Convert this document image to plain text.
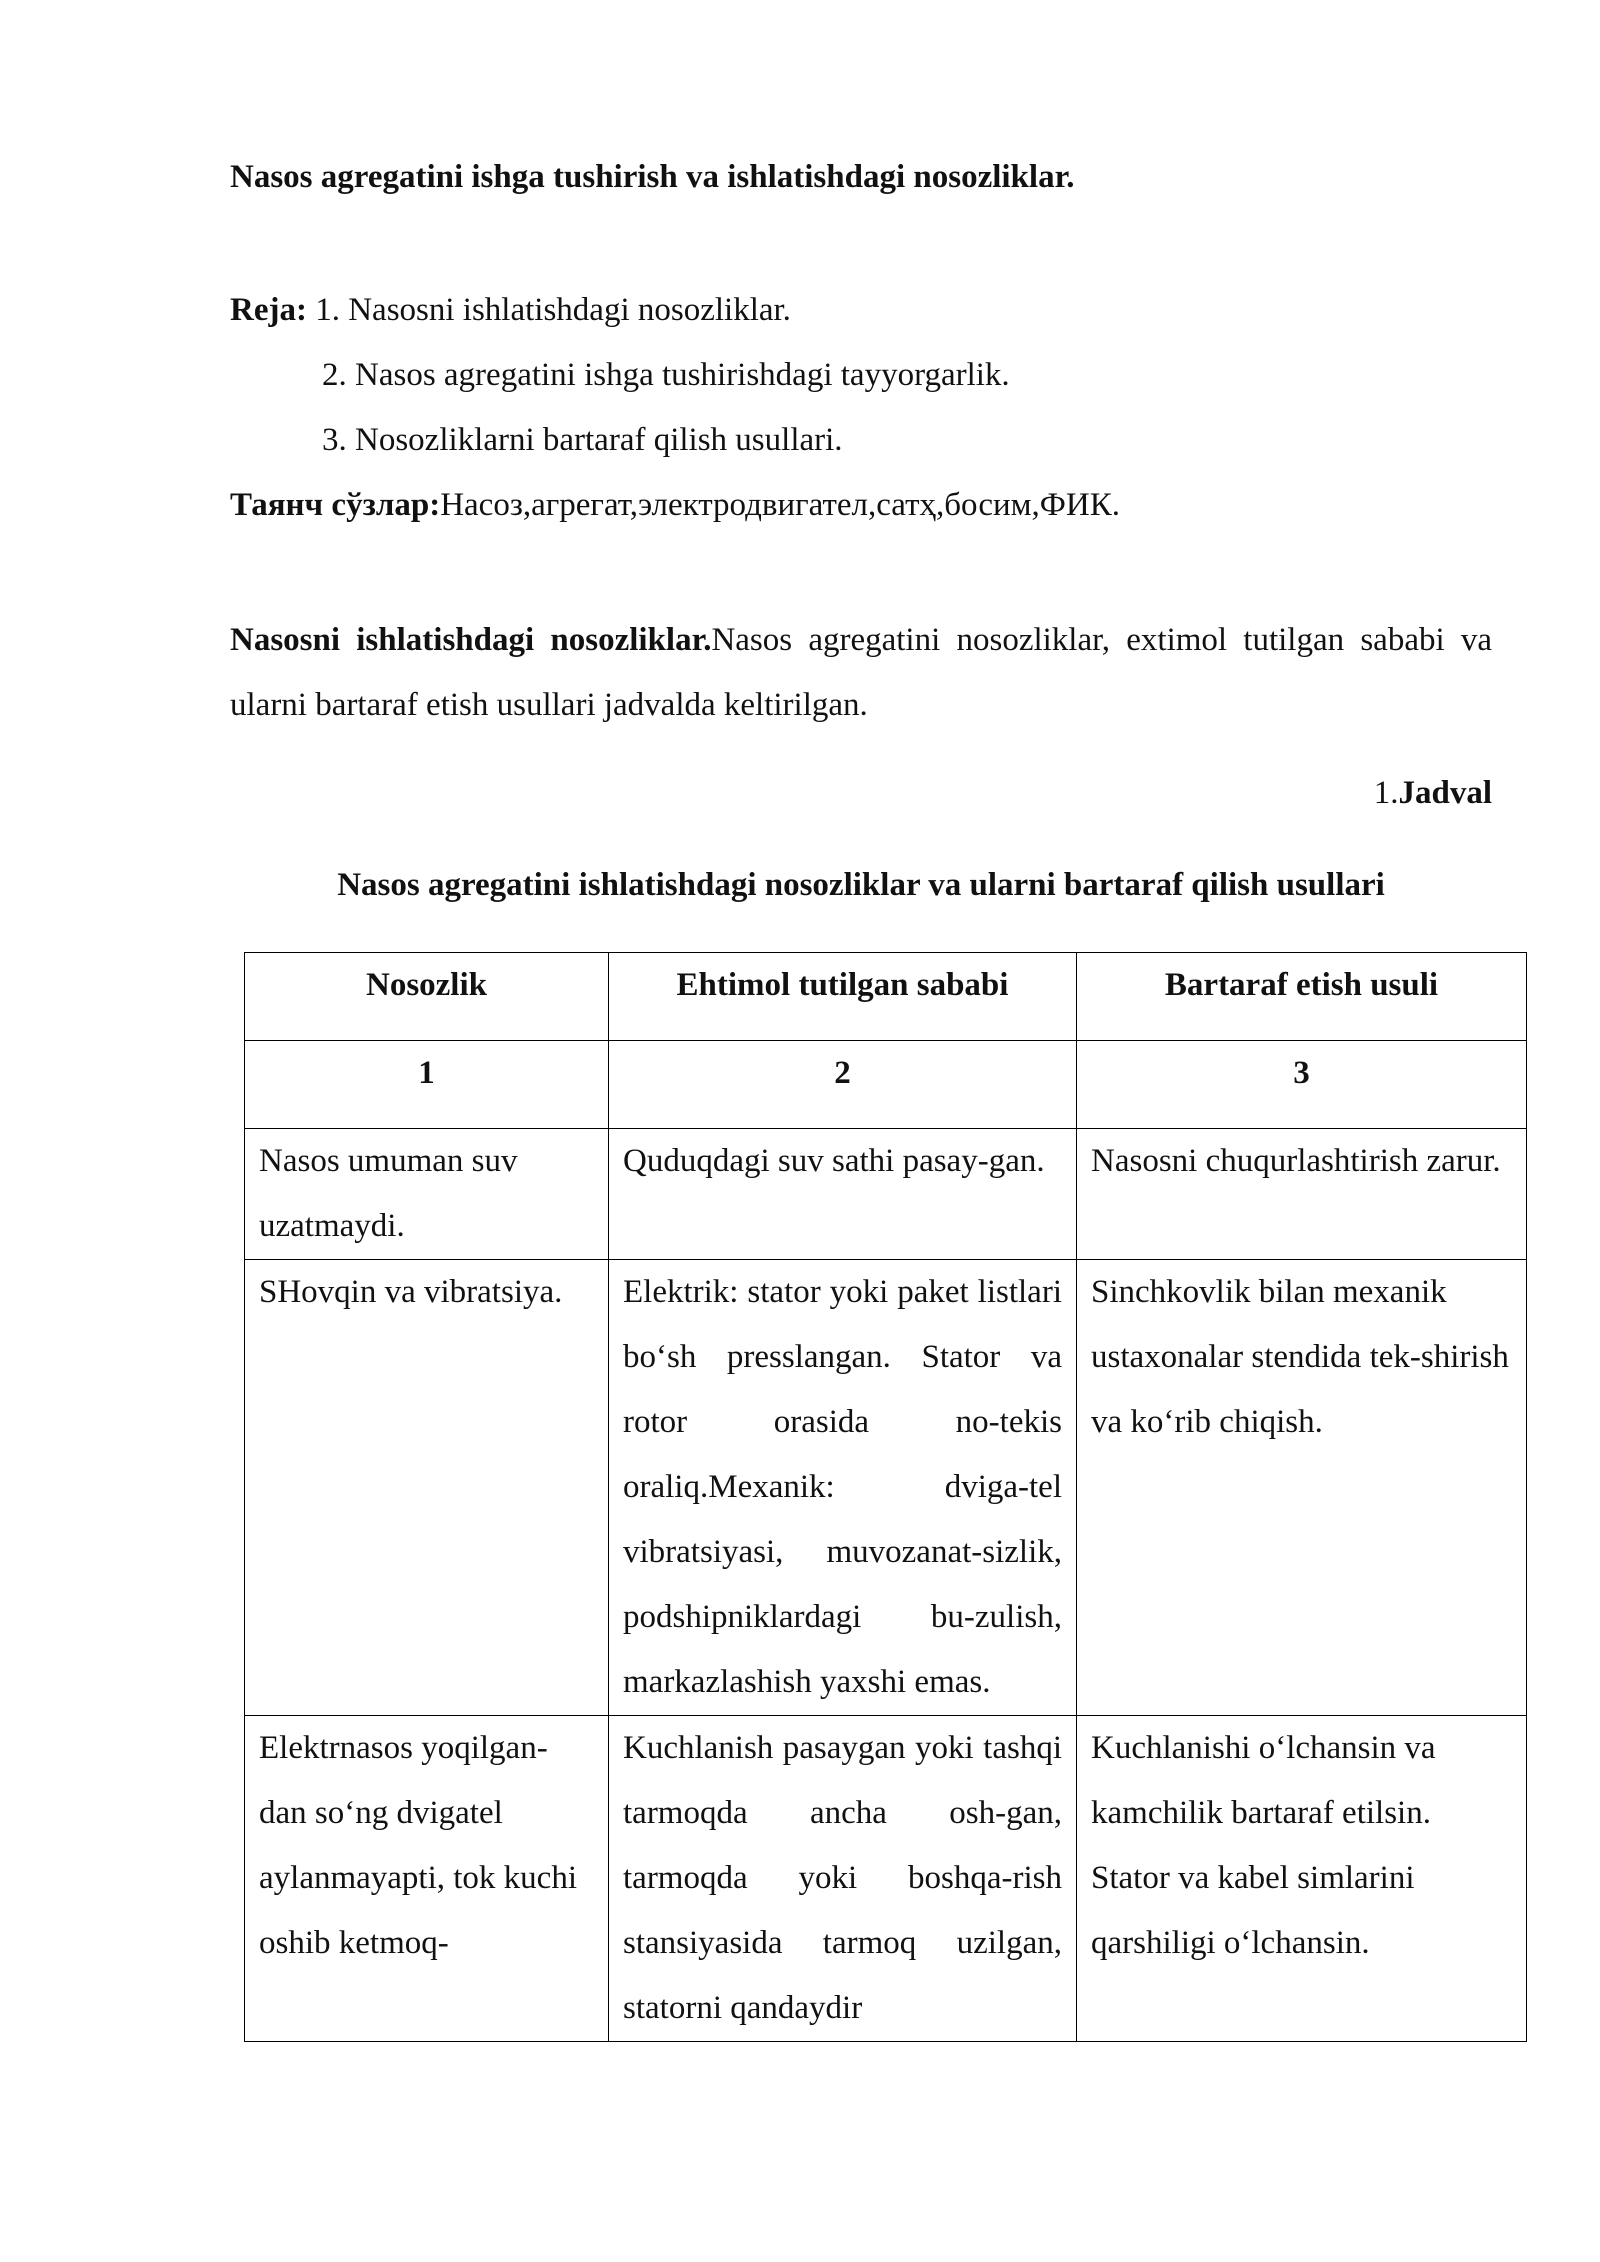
Nasos agregatini ishga tushirish va ishlatishdagi nosozliklar.

Reja: 1. Nasosni ishlatishdagi nosozliklar.

2. Nasos agregatini ishga tushirishdagi tayyorgarlik.

3. Nosozliklarni bartaraf qilish usullari.

Таянч сўзлар:Насоз,агрегат,электродвигател,сатҳ,босим,ФИК.

Nasosni ishlatishdagi nosozliklar.Nasos agregatini nosozliklar, extimol tutilgan sababi va ularni bartaraf etish usullari jadvalda keltirilgan.

1.Jadval

Nasos agregatini ishlatishdagi nosozliklar va ularni bartaraf qilish usullari

Nosozlik	Ehtimol tutilgan sababi	Bartaraf etish usuli
1	2	3
Nasos umuman suv uzatmaydi.	Quduqdagi suv sathi pasay-gan.	Nasosni chuqurlashtirish zarur.
SHovqin va vibratsiya.	Elektrik: stator yoki paket listlari bo‘sh presslangan. Stator va rotor orasida no-tekis oraliq.Mexanik: dviga-tel vibratsiyasi, muvozanat-sizlik, podshipniklardagi bu-zulish, markazlashish yaxshi emas.	Sinchkovlik bilan mexanik ustaxonalar stendida tek-shirish va ko‘rib chiqish.
Elektrnasos yoqilgan-dan so‘ng dvigatel aylanmayapti, tok kuchi oshib ketmoq-	Kuchlanish pasaygan yoki tashqi tarmoqda ancha osh-gan, tarmoqda yoki boshqa-rish stansiyasida tarmoq uzilgan, statorni qandaydir	Kuchlanishi o‘lchansin va kamchilik bartaraf etilsin. Stator va kabel simlarini qarshiligi o‘lchansin.
